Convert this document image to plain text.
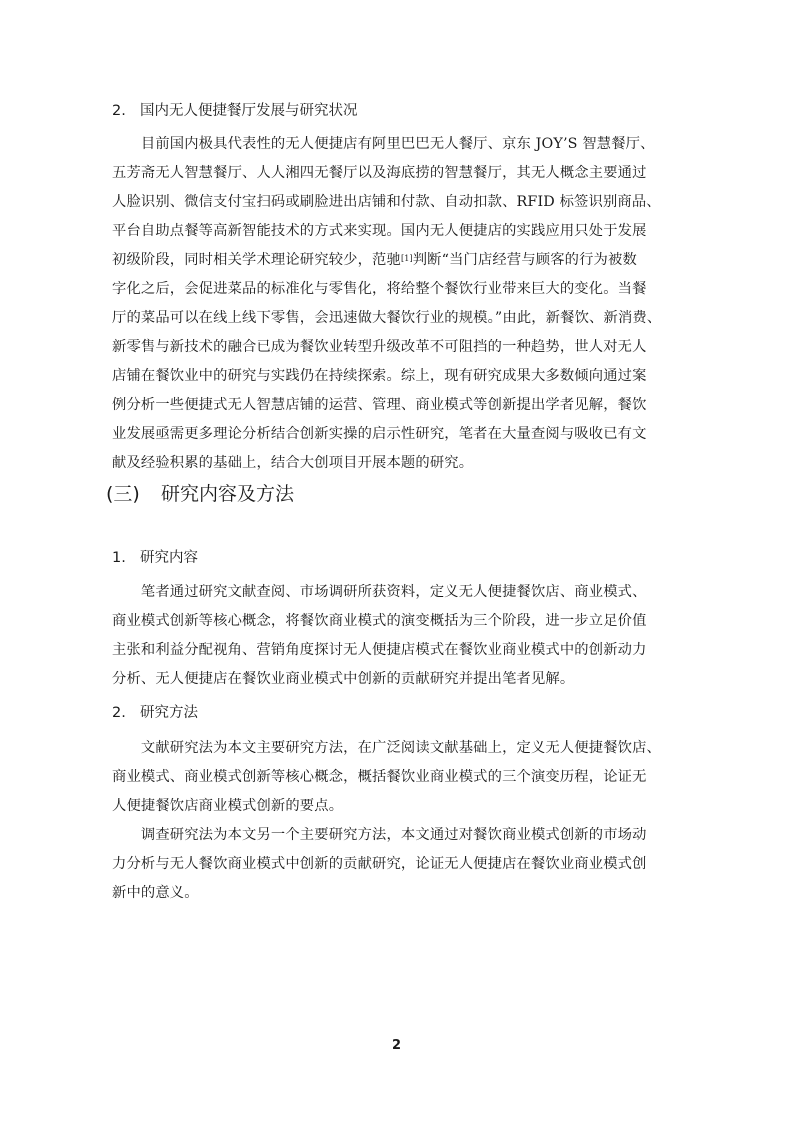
2. 国内无人便捷餐厅发展与研究状况
　　目前国内极具代表性的无人便捷店有阿里巴巴无人餐厅、京东 JOY’S 智慧餐厅、
五芳斋无人智慧餐厅、人人湘四无餐厅以及海底捞的智慧餐厅，其无人概念主要通过
人脸识别、微信支付宝扫码或刷脸进出店铺和付款、自动扣款、RFID 标签识别商品、
平台自助点餐等高新智能技术的方式来实现。国内无人便捷店的实践应用只处于发展
初级阶段，同时相关学术理论研究较少，范驰[1]判断“当门店经营与顾客的行为被数
字化之后，会促进菜品的标准化与零售化，将给整个餐饮行业带来巨大的变化。当餐
厅的菜品可以在线上线下零售，会迅速做大餐饮行业的规模。”由此，新餐饮、新消费、
新零售与新技术的融合已成为餐饮业转型升级改革不可阻挡的一种趋势，世人对无人
店铺在餐饮业中的研究与实践仍在持续探索。综上，现有研究成果大多数倾向通过案
例分析一些便捷式无人智慧店铺的运营、管理、商业模式等创新提出学者见解，餐饮
业发展亟需更多理论分析结合创新实操的启示性研究，笔者在大量查阅与吸收已有文
献及经验积累的基础上，结合大创项目开展本题的研究。
(三) 研究内容及方法
1. 研究内容
　　笔者通过研究文献查阅、市场调研所获资料，定义无人便捷餐饮店、商业模式、
商业模式创新等核心概念，将餐饮商业模式的演变概括为三个阶段，进一步立足价值
主张和利益分配视角、营销角度探讨无人便捷店模式在餐饮业商业模式中的创新动力
分析、无人便捷店在餐饮业商业模式中创新的贡献研究并提出笔者见解。
2. 研究方法
　　文献研究法为本文主要研究方法，在广泛阅读文献基础上，定义无人便捷餐饮店、
商业模式、商业模式创新等核心概念，概括餐饮业商业模式的三个演变历程，论证无
人便捷餐饮店商业模式创新的要点。
　　调查研究法为本文另一个主要研究方法，本文通过对餐饮商业模式创新的市场动
力分析与无人餐饮商业模式中创新的贡献研究，论证无人便捷店在餐饮业商业模式创
新中的意义。
2
